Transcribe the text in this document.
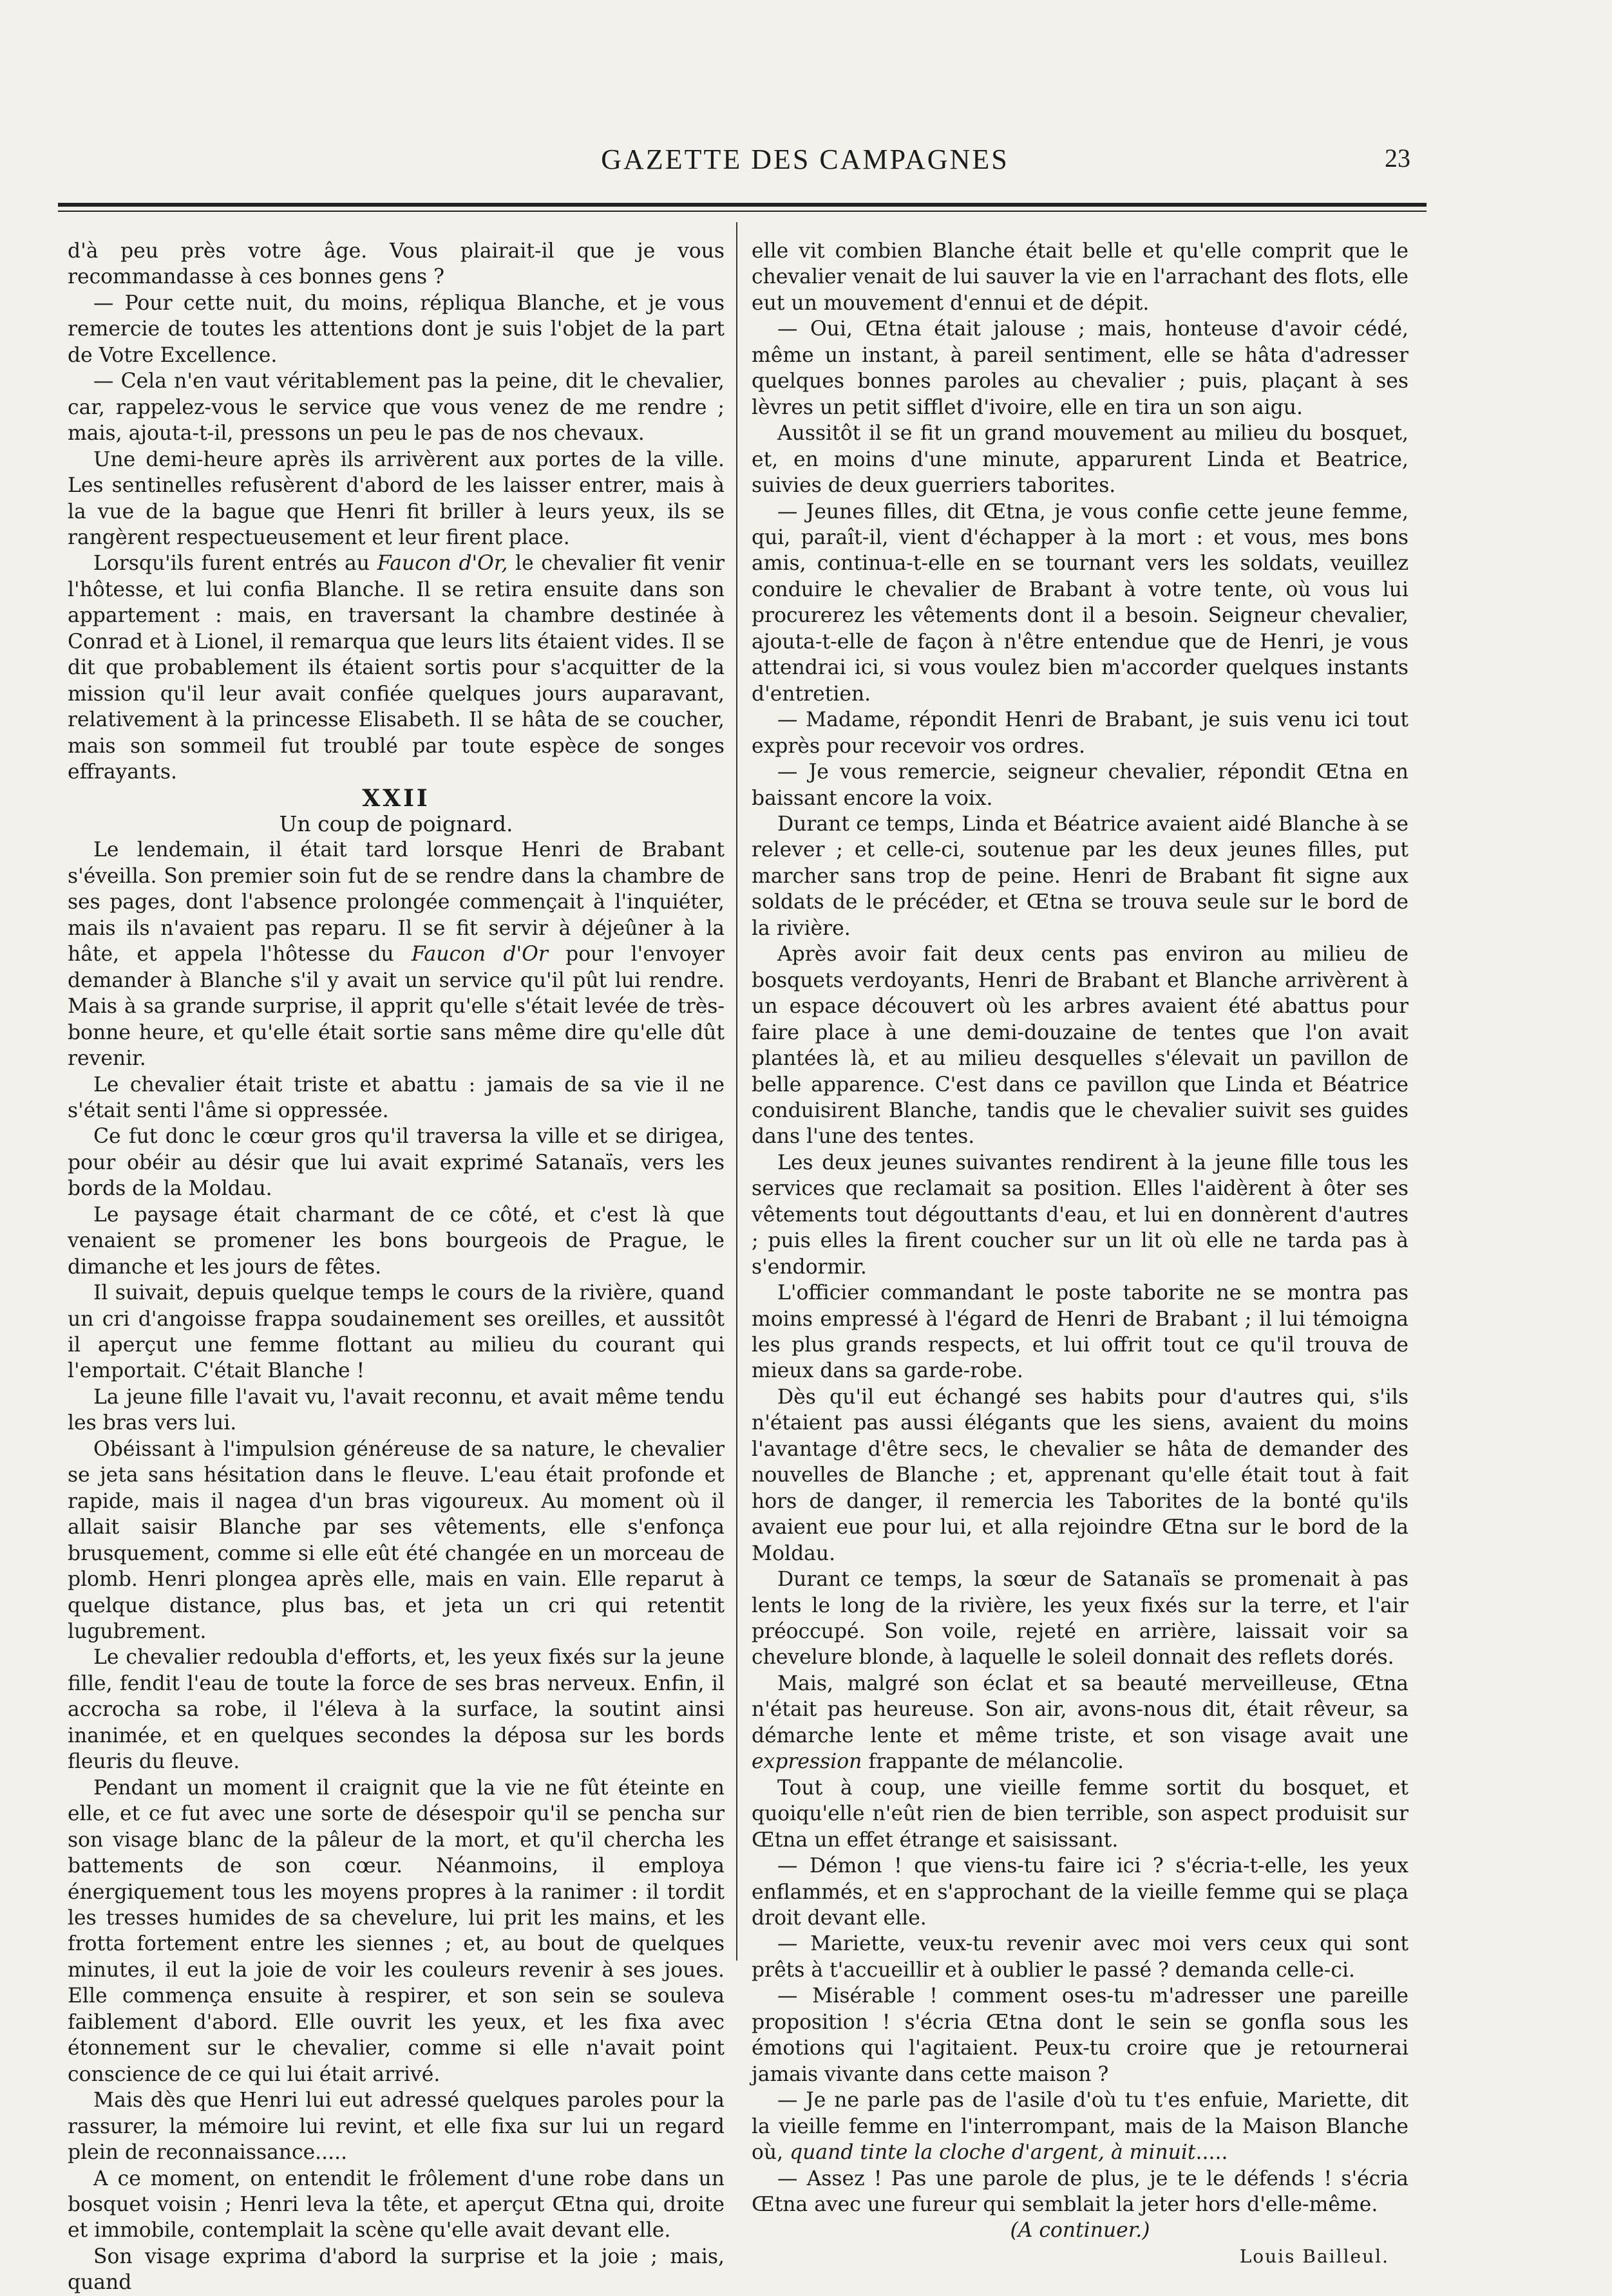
GAZETTE DES CAMPAGNES	23

d'à peu près votre âge. Vous plairait-il que je vous recommandasse à ces bonnes gens ?

— Pour cette nuit, du moins, répliqua Blanche, et je vous remercie de toutes les attentions dont je suis l'objet de la part de Votre Excellence.

— Cela n'en vaut véritablement pas la peine, dit le chevalier, car, rappelez-vous le service que vous venez de me rendre ; mais, ajouta-t-il, pressons un peu le pas de nos chevaux.

Une demi-heure après ils arrivèrent aux portes de la ville. Les sentinelles refusèrent d'abord de les laisser entrer, mais à la vue de la bague que Henri fit briller à leurs yeux, ils se rangèrent respectueusement et leur firent place.

Lorsqu'ils furent entrés au Faucon d'Or, le chevalier fit venir l'hôtesse, et lui confia Blanche. Il se retira ensuite dans son appartement : mais, en traversant la chambre destinée à Conrad et à Lionel, il remarqua que leurs lits étaient vides. Il se dit que probablement ils étaient sortis pour s'acquitter de la mission qu'il leur avait confiée quelques jours auparavant, relativement à la princesse Elisabeth. Il se hâta de se coucher, mais son sommeil fut troublé par toute espèce de songes effrayants.

XXII
Un coup de poignard.

Le lendemain, il était tard lorsque Henri de Brabant s'éveilla. Son premier soin fut de se rendre dans la chambre de ses pages, dont l'absence prolongée commençait à l'inquiéter, mais ils n'avaient pas reparu. Il se fit servir à déjeûner à la hâte, et appela l'hôtesse du Faucon d'Or pour l'envoyer demander à Blanche s'il y avait un service qu'il pût lui rendre. Mais à sa grande surprise, il apprit qu'elle s'était levée de très-bonne heure, et qu'elle était sortie sans même dire qu'elle dût revenir.

Le chevalier était triste et abattu : jamais de sa vie il ne s'était senti l'âme si oppressée.

Ce fut donc le cœur gros qu'il traversa la ville et se dirigea, pour obéir au désir que lui avait exprimé Satanaïs, vers les bords de la Moldau.

Le paysage était charmant de ce côté, et c'est là que venaient se promener les bons bourgeois de Prague, le dimanche et les jours de fêtes.

Il suivait, depuis quelque temps le cours de la rivière, quand un cri d'angoisse frappa soudainement ses oreilles, et aussitôt il aperçut une femme flottant au milieu du courant qui l'emportait. C'était Blanche !

La jeune fille l'avait vu, l'avait reconnu, et avait même tendu les bras vers lui.

Obéissant à l'impulsion généreuse de sa nature, le chevalier se jeta sans hésitation dans le fleuve. L'eau était profonde et rapide, mais il nagea d'un bras vigoureux. Au moment où il allait saisir Blanche par ses vêtements, elle s'enfonça brusquement, comme si elle eût été changée en un morceau de plomb. Henri plongea après elle, mais en vain. Elle reparut à quelque distance, plus bas, et jeta un cri qui retentit lugubrement.

Le chevalier redoubla d'efforts, et, les yeux fixés sur la jeune fille, fendit l'eau de toute la force de ses bras nerveux. Enfin, il accrocha sa robe, il l'éleva à la surface, la soutint ainsi inanimée, et en quelques secondes la déposa sur les bords fleuris du fleuve.

Pendant un moment il craignit que la vie ne fût éteinte en elle, et ce fut avec une sorte de désespoir qu'il se pencha sur son visage blanc de la pâleur de la mort, et qu'il chercha les battements de son cœur. Néanmoins, il employa énergiquement tous les moyens propres à la ranimer : il tordit les tresses humides de sa chevelure, lui prit les mains, et les frotta fortement entre les siennes ; et, au bout de quelques minutes, il eut la joie de voir les couleurs revenir à ses joues. Elle commença ensuite à respirer, et son sein se souleva faiblement d'abord. Elle ouvrit les yeux, et les fixa avec étonnement sur le chevalier, comme si elle n'avait point conscience de ce qui lui était arrivé.

Mais dès que Henri lui eut adressé quelques paroles pour la rassurer, la mémoire lui revint, et elle fixa sur lui un regard plein de reconnaissance.....

A ce moment, on entendit le frôlement d'une robe dans un bosquet voisin ; Henri leva la tête, et aperçut Œtna qui, droite et immobile, contemplait la scène qu'elle avait devant elle.

Son visage exprima d'abord la surprise et la joie ; mais, quand

elle vit combien Blanche était belle et qu'elle comprit que le chevalier venait de lui sauver la vie en l'arrachant des flots, elle eut un mouvement d'ennui et de dépit.

— Oui, Œtna était jalouse ; mais, honteuse d'avoir cédé, même un instant, à pareil sentiment, elle se hâta d'adresser quelques bonnes paroles au chevalier ; puis, plaçant à ses lèvres un petit sifflet d'ivoire, elle en tira un son aigu.

Aussitôt il se fit un grand mouvement au milieu du bosquet, et, en moins d'une minute, apparurent Linda et Beatrice, suivies de deux guerriers taborites.

— Jeunes filles, dit Œtna, je vous confie cette jeune femme, qui, paraît-il, vient d'échapper à la mort : et vous, mes bons amis, continua-t-elle en se tournant vers les soldats, veuillez conduire le chevalier de Brabant à votre tente, où vous lui procurerez les vêtements dont il a besoin. Seigneur chevalier, ajouta-t-elle de façon à n'être entendue que de Henri, je vous attendrai ici, si vous voulez bien m'accorder quelques instants d'entretien.

— Madame, répondit Henri de Brabant, je suis venu ici tout exprès pour recevoir vos ordres.

— Je vous remercie, seigneur chevalier, répondit Œtna en baissant encore la voix.

Durant ce temps, Linda et Béatrice avaient aidé Blanche à se relever ; et celle-ci, soutenue par les deux jeunes filles, put marcher sans trop de peine. Henri de Brabant fit signe aux soldats de le précéder, et Œtna se trouva seule sur le bord de la rivière.

Après avoir fait deux cents pas environ au milieu de bosquets verdoyants, Henri de Brabant et Blanche arrivèrent à un espace découvert où les arbres avaient été abattus pour faire place à une demi-douzaine de tentes que l'on avait plantées là, et au milieu desquelles s'élevait un pavillon de belle apparence. C'est dans ce pavillon que Linda et Béatrice conduisirent Blanche, tandis que le chevalier suivit ses guides dans l'une des tentes.

Les deux jeunes suivantes rendirent à la jeune fille tous les services que reclamait sa position. Elles l'aidèrent à ôter ses vêtements tout dégouttants d'eau, et lui en donnèrent d'autres ; puis elles la firent coucher sur un lit où elle ne tarda pas à s'endormir.

L'officier commandant le poste taborite ne se montra pas moins empressé à l'égard de Henri de Brabant ; il lui témoigna les plus grands respects, et lui offrit tout ce qu'il trouva de mieux dans sa garde-robe.

Dès qu'il eut échangé ses habits pour d'autres qui, s'ils n'étaient pas aussi élégants que les siens, avaient du moins l'avantage d'être secs, le chevalier se hâta de demander des nouvelles de Blanche ; et, apprenant qu'elle était tout à fait hors de danger, il remercia les Taborites de la bonté qu'ils avaient eue pour lui, et alla rejoindre Œtna sur le bord de la Moldau.

Durant ce temps, la sœur de Satanaïs se promenait à pas lents le long de la rivière, les yeux fixés sur la terre, et l'air préoccupé. Son voile, rejeté en arrière, laissait voir sa chevelure blonde, à laquelle le soleil donnait des reflets dorés.

Mais, malgré son éclat et sa beauté merveilleuse, Œtna n'était pas heureuse. Son air, avons-nous dit, était rêveur, sa démarche lente et même triste, et son visage avait une expression frappante de mélancolie.

Tout à coup, une vieille femme sortit du bosquet, et quoiqu'elle n'eût rien de bien terrible, son aspect produisit sur Œtna un effet étrange et saisissant.

— Démon ! que viens-tu faire ici ? s'écria-t-elle, les yeux enflammés, et en s'approchant de la vieille femme qui se plaça droit devant elle.

— Mariette, veux-tu revenir avec moi vers ceux qui sont prêts à t'accueillir et à oublier le passé ? demanda celle-ci.

— Misérable ! comment oses-tu m'adresser une pareille proposition ! s'écria Œtna dont le sein se gonfla sous les émotions qui l'agitaient. Peux-tu croire que je retournerai jamais vivante dans cette maison ?

— Je ne parle pas de l'asile d'où tu t'es enfuie, Mariette, dit la vieille femme en l'interrompant, mais de la Maison Blanche où, quand tinte la cloche d'argent, à minuit.....

— Assez ! Pas une parole de plus, je te le défends ! s'écria Œtna avec une fureur qui semblait la jeter hors d'elle-même.

(A continuer.)
Louis Bailleul.
